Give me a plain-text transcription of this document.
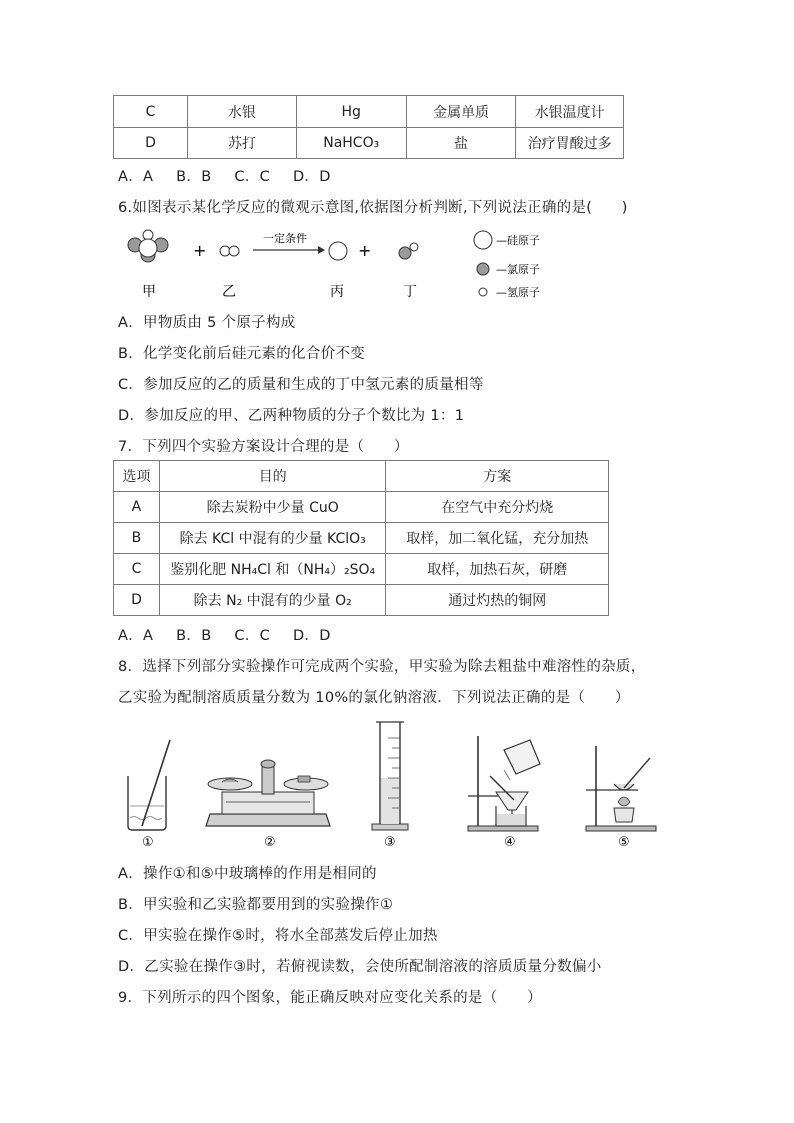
C	水银	Hg	金属单质	水银温度计
D	苏打	NaHCO₃	盐	治疗胃酸过多
A．A B．B C．C D．D
6.如图表示某化学反应的微观示意图,依据图分析判断,下列说法正确的是(　　)
+
一定条件
+
甲	乙	丙	丁
—硅原子
—氯原子
—氢原子
A．甲物质由 5 个原子构成
B．化学变化前后硅元素的化合价不变
C．参加反应的乙的质量和生成的丁中氢元素的质量相等
D．参加反应的甲、乙两种物质的分子个数比为 1：1
7．下列四个实验方案设计合理的是（　　）
选项	目的	方案
A	除去炭粉中少量 CuO	在空气中充分灼烧
B	除去 KCl 中混有的少量 KClO₃	取样，加二氧化锰，充分加热
C	鉴别化肥 NH₄Cl 和（NH₄）₂SO₄	取样，加热石灰，研磨
D	除去 N₂ 中混有的少量 O₂	通过灼热的铜网
A．A B．B C．C D．D
8．选择下列部分实验操作可完成两个实验，甲实验为除去粗盐中难溶性的杂质，
乙实验为配制溶质质量分数为 10%的氯化钠溶液．下列说法正确的是（　　）
①	②	③	④	⑤
A．操作①和⑤中玻璃棒的作用是相同的
B．甲实验和乙实验都要用到的实验操作①
C．甲实验在操作⑤时，将水全部蒸发后停止加热
D．乙实验在操作③时，若俯视读数，会使所配制溶液的溶质质量分数偏小
9．下列所示的四个图象，能正确反映对应变化关系的是（　　）
